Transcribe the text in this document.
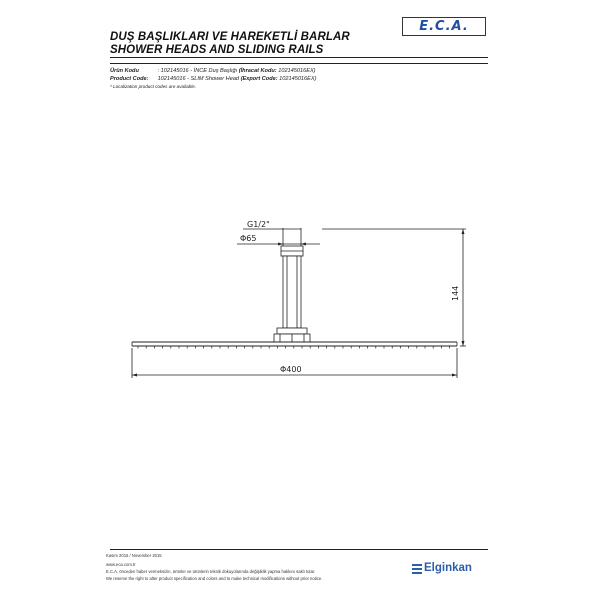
DUŞ BAŞLIKLARI VE HAREKETLİ BARLAR
SHOWER HEADS AND SLIDING RAILS
E.C.A.
Ürün Kodu	: 102145016 - İNCE Duş Başlığı (İhracat Kodu: 102145016EX)
Product Code: 102145016 - SLIM Shower Head (Export Code: 102145016EX)
* Localization product codes are available.
G1/2"
Φ65
144
Φ400
Kasım 2015 / November 2015
www.eca.com.tr
E.C.A. önceden haber vermeksizin, ürünler ve ürünlerin teknik dokuyolarında değişiklik yapma hakkını saklı tutar.
We reserve the right to alter product specification and colors and to make technical modifications without prior notice.
Elginkan
